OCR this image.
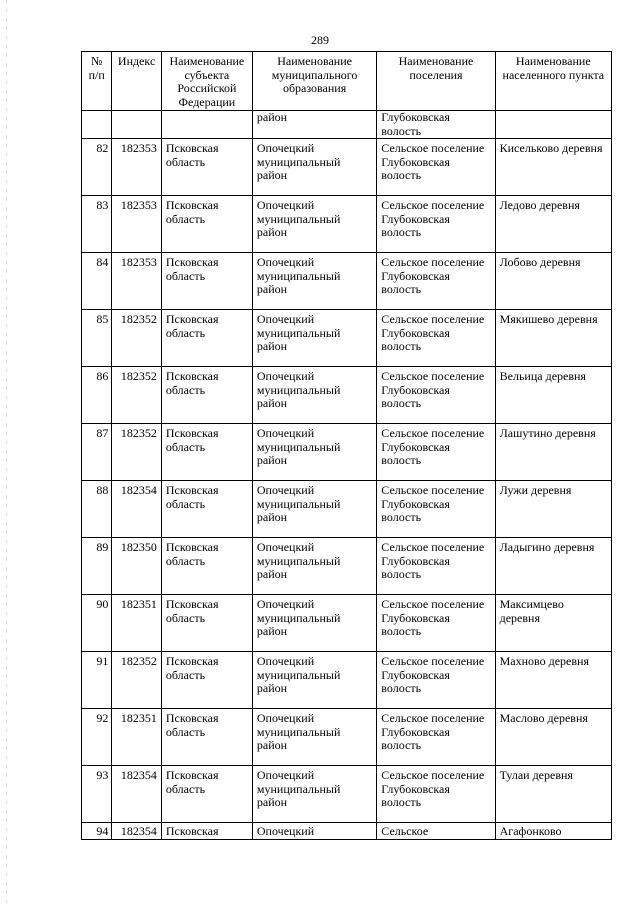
289
№ п/п	Индекс	Наименование субъекта Российской Федерации	Наименование муниципального образования	Наименование поселения	Наименование населенного пункта
			район	Глубоковская волость	
82	182353	Псковская область	Опочецкий муниципальный район	Сельское поселение Глубоковская волость	Кисельково деревня
83	182353	Псковская область	Опочецкий муниципальный район	Сельское поселение Глубоковская волость	Ледово деревня
84	182353	Псковская область	Опочецкий муниципальный район	Сельское поселение Глубоковская волость	Лобово деревня
85	182352	Псковская область	Опочецкий муниципальный район	Сельское поселение Глубоковская волость	Мякишево деревня
86	182352	Псковская область	Опочецкий муниципальный район	Сельское поселение Глубоковская волость	Вельица деревня
87	182352	Псковская область	Опочецкий муниципальный район	Сельское поселение Глубоковская волость	Лашутино деревня
88	182354	Псковская область	Опочецкий муниципальный район	Сельское поселение Глубоковская волость	Лужи деревня
89	182350	Псковская область	Опочецкий муниципальный район	Сельское поселение Глубоковская волость	Ладыгино деревня
90	182351	Псковская область	Опочецкий муниципальный район	Сельское поселение Глубоковская волость	Максимцево деревня
91	182352	Псковская область	Опочецкий муниципальный район	Сельское поселение Глубоковская волость	Махново деревня
92	182351	Псковская область	Опочецкий муниципальный район	Сельское поселение Глубоковская волость	Маслово деревня
93	182354	Псковская область	Опочецкий муниципальный район	Сельское поселение Глубоковская волость	Тулаи деревня
94	182354	Псковская	Опочецкий	Сельское	Агафонково
